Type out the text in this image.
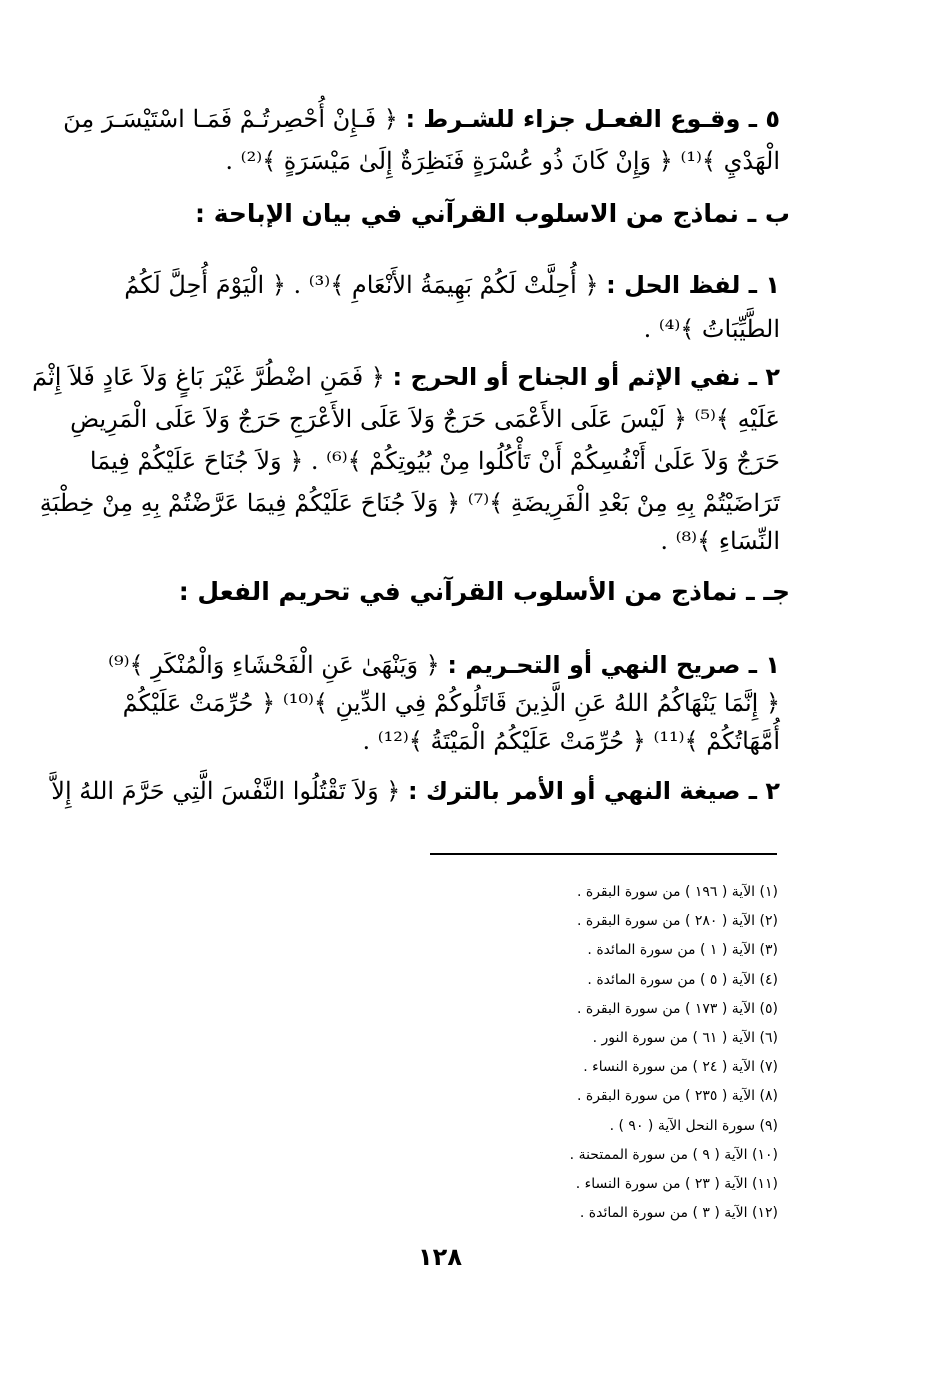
٥ ـ وقـوع الفعـل جزاء للشـرط : ﴿ فَـإِنْ أُحْصِرتُـمْ فَمَـا اسْتَيْسَـرَ مِنَ
الْهَدْيِ ﴾⁽¹⁾ ﴿ وَإِنْ كَانَ ذُو عُسْرَةٍ فَنَظِرَةٌ إِلَىٰ مَيْسَرَةٍ ﴾⁽²⁾ .
ب ـ نماذج من الاسلوب القرآني في بيان الإباحة :
١ ـ لفظ الحل : ﴿ أُحِلَّتْ لَكُمْ بَهِيمَةُ الأَنْعَامِ ﴾⁽³⁾ . ﴿ الْيَوْمَ أُحِلَّ لَكُمُ
الطَّيِّبَاتُ ﴾⁽⁴⁾ .
٢ ـ نفي الإثم أو الجناح أو الحرج : ﴿ فَمَنِ اضْطُرَّ غَيْرَ بَاغٍ وَلاَ عَادٍ فَلاَ إِثْمَ
عَلَيْهِ ﴾⁽⁵⁾ ﴿ لَيْسَ عَلَى الأَعْمَى حَرَجٌ وَلاَ عَلَى الأَعْرَجِ حَرَجٌ وَلاَ عَلَى الْمَرِيضِ
حَرَجٌ وَلاَ عَلَىٰ أَنْفُسِكُمْ أَنْ تَأْكُلُوا مِنْ بُيُوتِكُمْ ﴾⁽⁶⁾ . ﴿ وَلاَ جُنَاحَ عَلَيْكُمْ فِيمَا
تَرَاضَيْتُمْ بِهِ مِنْ بَعْدِ الْفَرِيضَةِ ﴾⁽⁷⁾ ﴿ وَلاَ جُنَاحَ عَلَيْكُمْ فِيمَا عَرَّضْتُمْ بِهِ مِنْ خِطْبَةِ
النِّسَاءِ ﴾⁽⁸⁾ .
جـ ـ نماذج من الأسلوب القرآني في تحريم الفعل :
١ ـ صريح النهي أو التحـريم : ﴿ وَيَنْهَىٰ عَنِ الْفَحْشَاءِ وَالْمُنْكَرِ ﴾⁽⁹⁾
﴿ إِنَّمَا يَنْهَاكُمُ اللهُ عَنِ الَّذِينَ قَاتَلُوكُمْ فِي الدِّينِ ﴾⁽¹⁰⁾ ﴿ حُرِّمَتْ عَلَيْكُمْ
أُمَّهَاتُكُمْ ﴾⁽¹¹⁾ ﴿ حُرِّمَتْ عَلَيْكُمُ الْمَيْتَةُ ﴾⁽¹²⁾ .
٢ ـ صيغة النهي أو الأمر بالترك : ﴿ وَلاَ تَقْتُلُوا النَّفْسَ الَّتِي حَرَّمَ اللهُ إِلاَّ
(١) الآية ( ١٩٦ ) من سورة البقرة .
(٢) الآية ( ٢٨٠ ) من سورة البقرة .
(٣) الآية ( ١ ) من سورة المائدة .
(٤) الآية ( ٥ ) من سورة المائدة .
(٥) الآية ( ١٧٣ ) من سورة البقرة .
(٦) الآية ( ٦١ ) من سورة النور .
(٧) الآية ( ٢٤ ) من سورة النساء .
(٨) الآية ( ٢٣٥ ) من سورة البقرة .
(٩) سورة النحل الآية ( ٩٠ ) .
(١٠) الآية ( ٩ ) من سورة الممتحنة .
(١١) الآية ( ٢٣ ) من سورة النساء .
(١٢) الآية ( ٣ ) من سورة المائدة .
١٢٨
